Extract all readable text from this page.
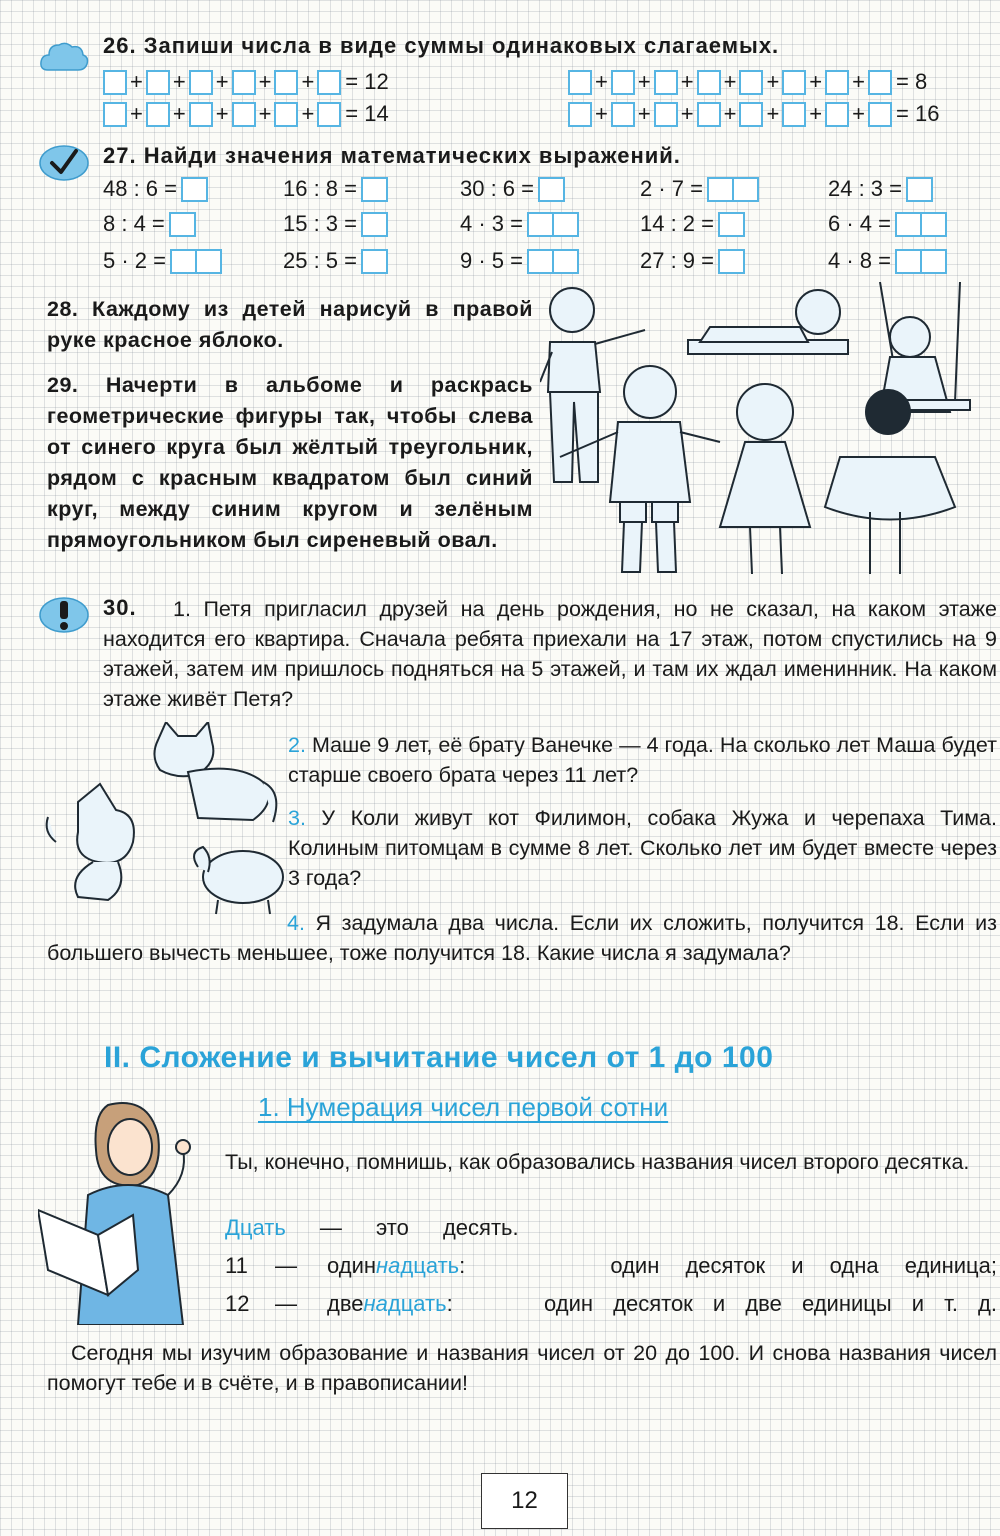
26. Запиши числа в виде суммы одинаковых слагаемых.
+ + + + + = 12
+ + + + + = 14
+ + + + + + + = 8
+ + + + + + + = 16
27. Найди значения математических выражений.
48 : 6 =	16 : 8 =	30 : 6 =	2 · 7 =	24 : 3 =
8 : 4 =	15 : 3 =	4 · 3 =	14 : 2 =	6 · 4 =
5 · 2 =	25 : 5 =	9 · 5 =	27 : 9 =	4 · 8 =
28. Каждому из детей нарисуй в правой руке красное яблоко.
29. Начерти в альбоме и раскрась геометрические фигуры так, чтобы слева от синего круга был жёлтый треугольник, рядом с красным квадратом был синий круг, между синим кругом и зелёным прямоугольником был сиреневый овал.
30.	1. Петя пригласил друзей на день рождения, но не сказал, на каком этаже находится его квартира. Сначала ребята приехали на 17 этаж, потом спустились на 9 этажей, затем им пришлось подняться на 5 этажей, и там их ждал именинник. На каком этаже живёт Петя?
2. Маше 9 лет, её брату Ванечке — 4 года. На сколько лет Маша будет старше своего брата через 11 лет?
3. У Коли живут кот Филимон, собака Жужа и черепаха Тима. Колиным питомцам в сумме 8 лет. Сколько лет им будет вместе через 3 года?
4. Я задумала два числа. Если их сложить, получится 18. Если из большего вычесть меньшее, тоже получится 18. Какие числа я задумала?
II. Сложение и вычитание чисел от 1 до 100
1. Нумерация чисел первой сотни
Ты, конечно, помнишь, как образовались названия чисел второго десятка.
Дцать — это десять.
11	—	одиннадцать:	один десяток и одна единица;
12	—	двенадцать:	один десяток и две единицы и т. д.
Сегодня мы изучим образование и названия чисел от 20 до 100. И снова названия чисел помогут тебе и в счёте, и в правописании!
12
